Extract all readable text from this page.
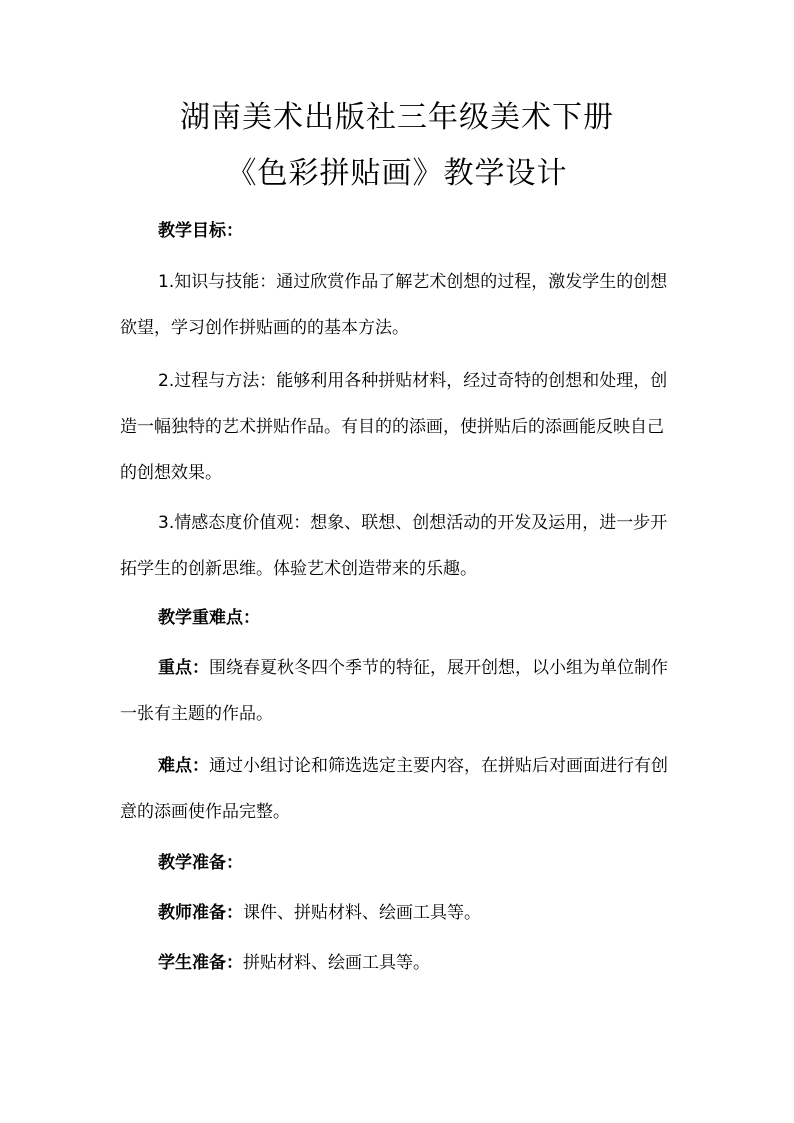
湖南美术出版社三年级美术下册
《色彩拼贴画》教学设计

教学目标：

1.知识与技能：通过欣赏作品了解艺术创想的过程，激发学生的创想欲望，学习创作拼贴画的的基本方法。

2.过程与方法：能够利用各种拼贴材料，经过奇特的创想和处理，创造一幅独特的艺术拼贴作品。有目的的添画，使拼贴后的添画能反映自己的创想效果。

3.情感态度价值观：想象、联想、创想活动的开发及运用，进一步开拓学生的创新思维。体验艺术创造带来的乐趣。

教学重难点：

重点：围绕春夏秋冬四个季节的特征，展开创想，以小组为单位制作一张有主题的作品。

难点：通过小组讨论和筛选选定主要内容，在拼贴后对画面进行有创意的添画使作品完整。

教学准备：

教师准备：课件、拼贴材料、绘画工具等。

学生准备：拼贴材料、绘画工具等。
